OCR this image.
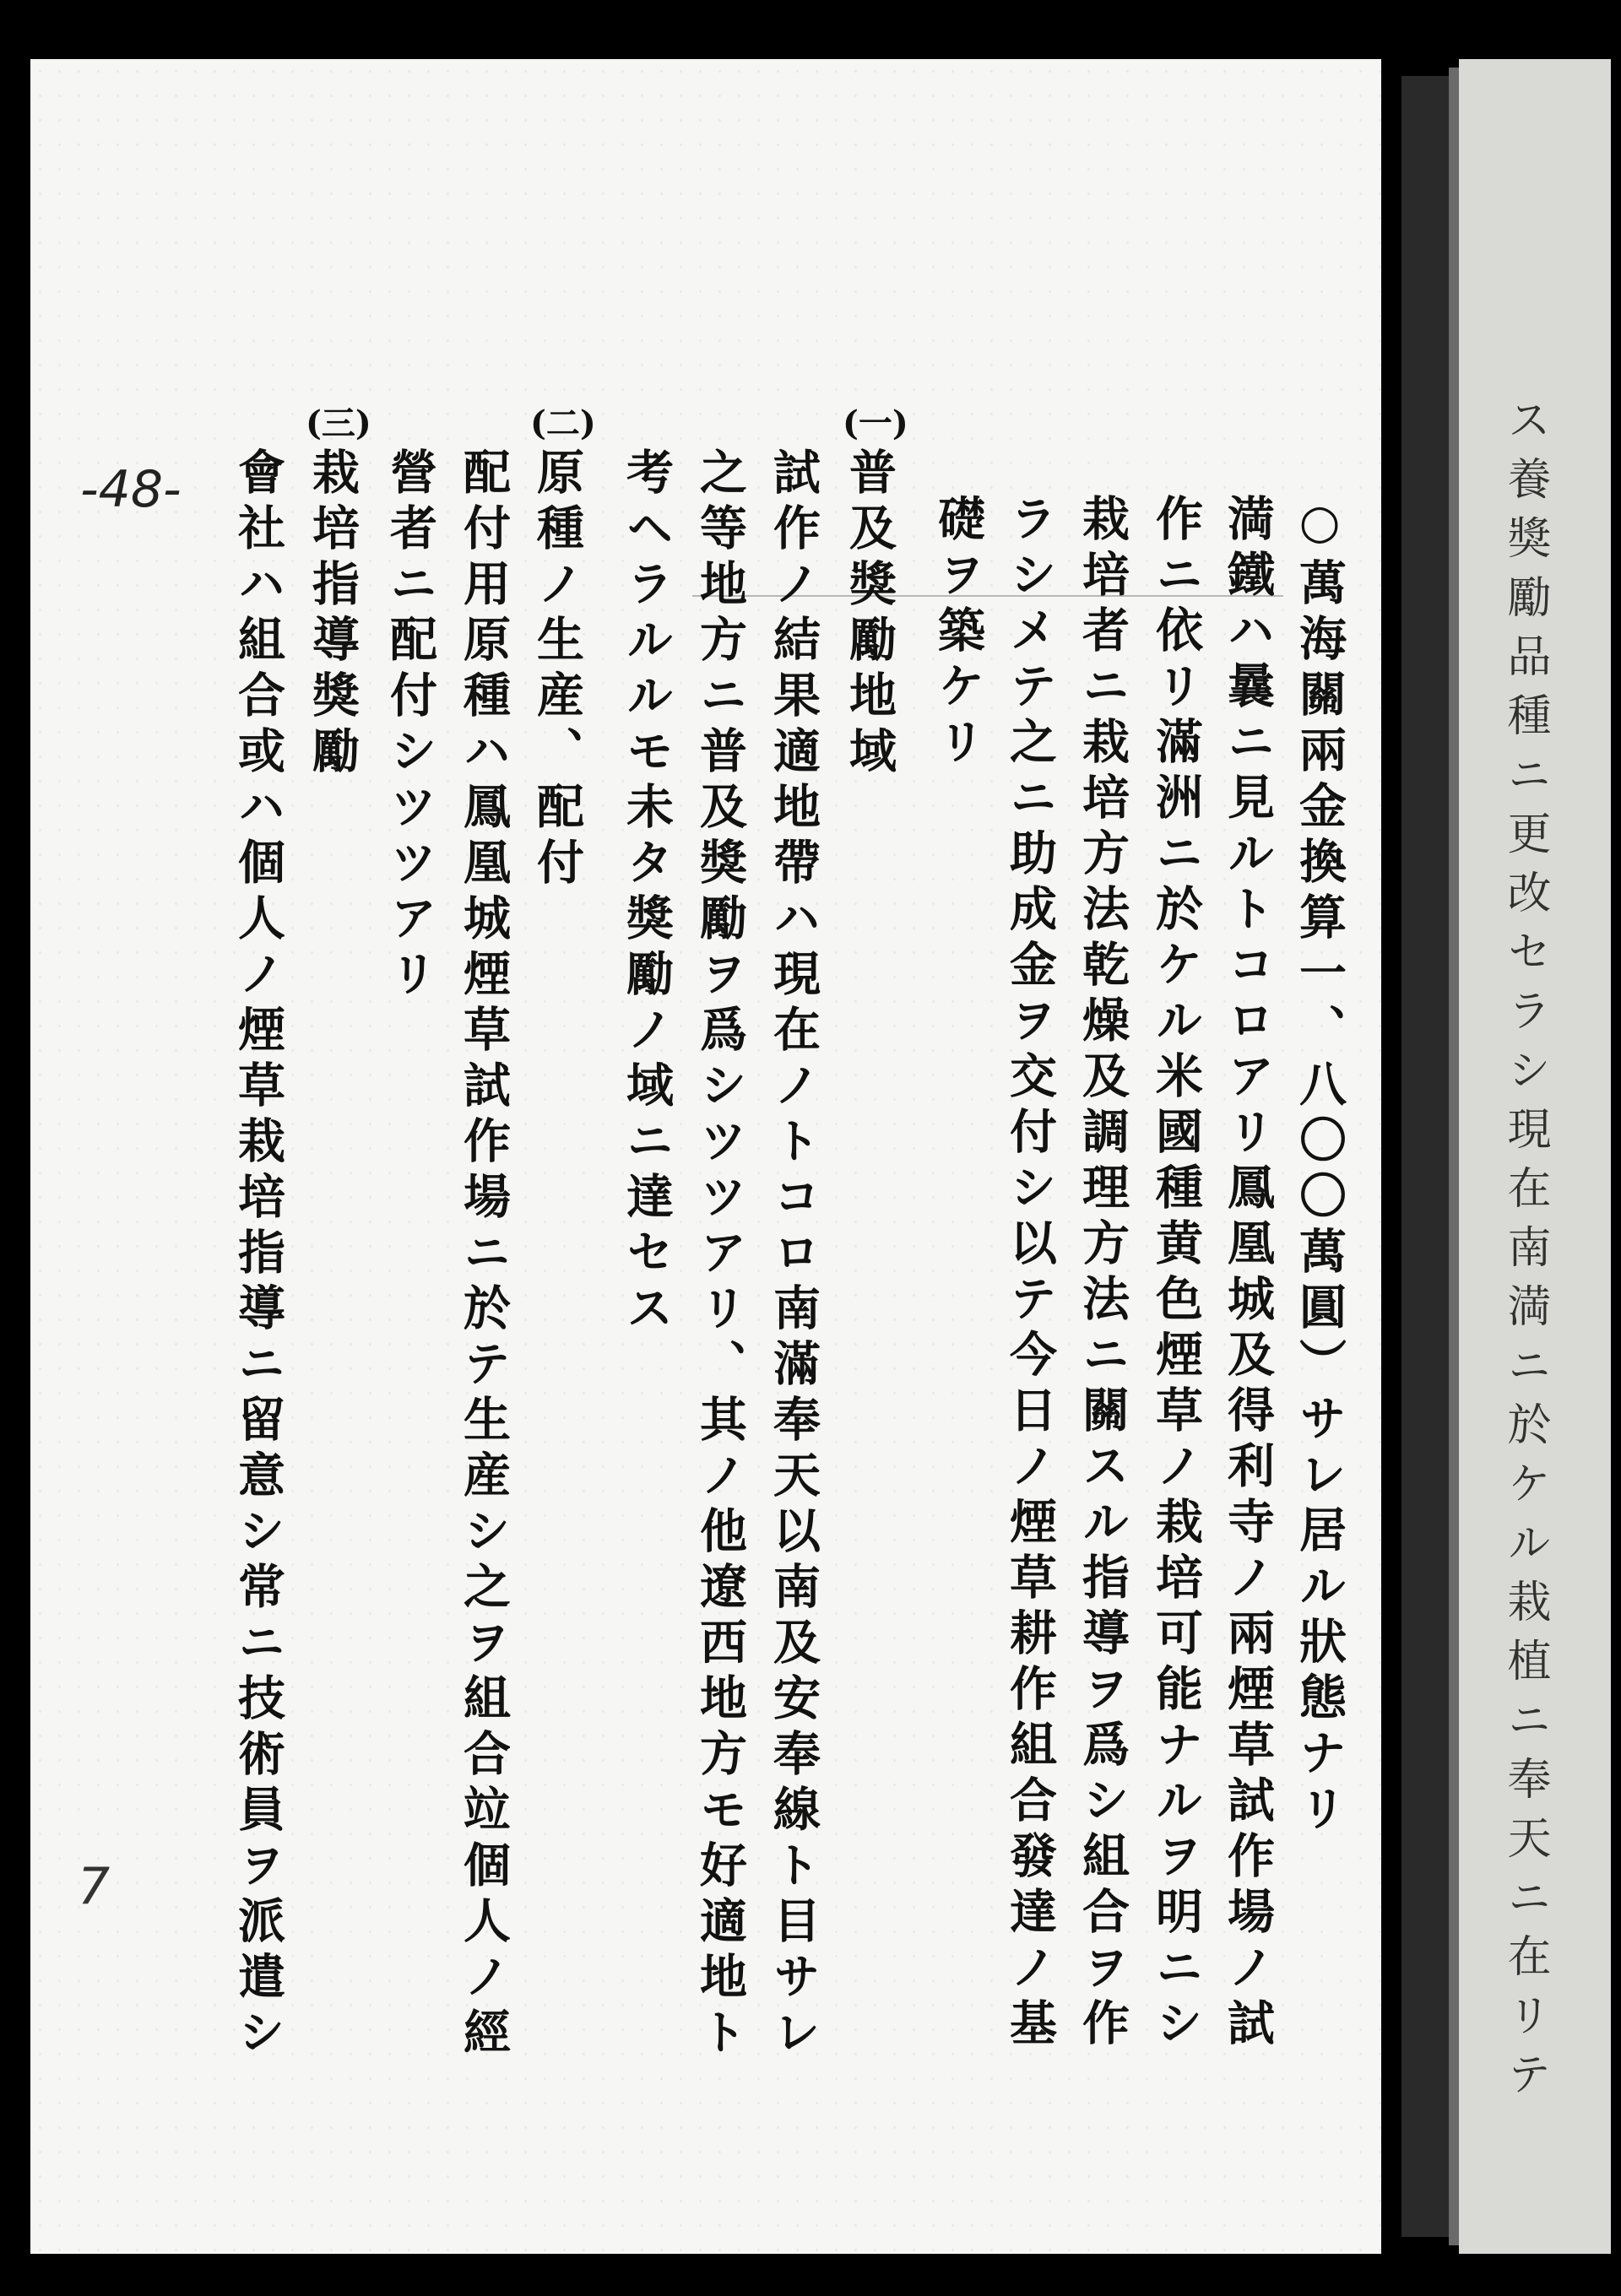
ス養獎勵品種ニ更改セラシ現在南満ニ於ケル栽植ニ奉天ニ在リテ
-48-
7
○萬海關兩金換算一、八〇〇萬圓）サレ居ル狀態ナリ
満鐵ハ曩ニ見ルトコロアリ鳳凰城及得利寺ノ兩煙草試作場ノ試
作ニ依リ滿洲ニ於ケル米國種黄色煙草ノ栽培可能ナルヲ明ニシ
栽培者ニ栽培方法乾燥及調理方法ニ關スル指導ヲ爲シ組合ヲ作
ラシメテ之ニ助成金ヲ交付シ以テ今日ノ煙草耕作組合發達ノ基
礎ヲ築ケリ
(一)
普及獎勵地域
試作ノ結果適地帶ハ現在ノトコロ南滿奉天以南及安奉線ト目サレ
之等地方ニ普及獎勵ヲ爲シツツアリ、其ノ他遼西地方モ好適地ト
考ヘラルルモ未タ獎勵ノ域ニ達セス
(二)
原種ノ生産、配付
配付用原種ハ鳳凰城煙草試作場ニ於テ生産シ之ヲ組合竝個人ノ經
營者ニ配付シツツアリ
(三)
栽培指導獎勵
會社ハ組合或ハ個人ノ煙草栽培指導ニ留意シ常ニ技術員ヲ派遣シ
